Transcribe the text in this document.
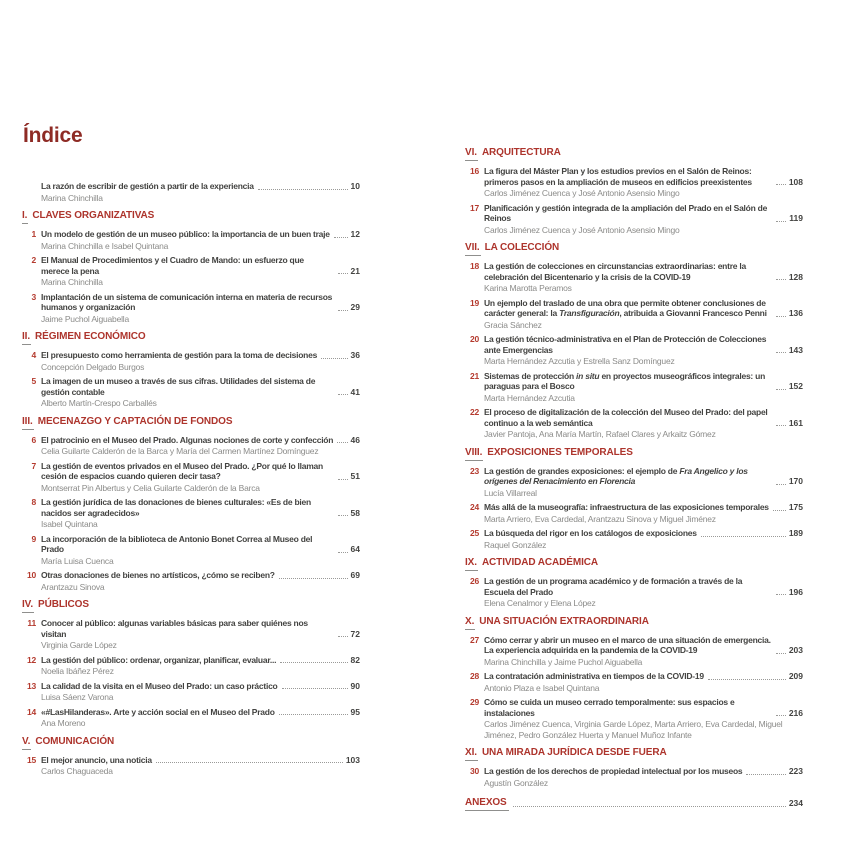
Índice
La razón de escribir de gestión a partir de la experiencia	10
Marina Chinchilla
I. CLAVES ORGANIZATIVAS
1 Un modelo de gestión de un museo público: la importancia de un buen traje 12
Marina Chinchilla e Isabel Quintana
2 El Manual de Procedimientos y el Cuadro de Mando: un esfuerzo que merece la pena	21
Marina Chinchilla
3 Implantación de un sistema de comunicación interna en materia de recursos humanos y organización	29
Jaime Puchol Aiguabella
II. RÉGIMEN ECONÓMICO
4 El presupuesto como herramienta de gestión para la toma de decisiones	36
Concepción Delgado Burgos
5 La imagen de un museo a través de sus cifras. Utilidades del sistema de gestión contable	41
Alberto Martín-Crespo Carballés
III. MECENAZGO Y CAPTACIÓN DE FONDOS
6 El patrocinio en el Museo del Prado. Algunas nociones de corte y confección 46
Celia Guilarte Calderón de la Barca y María del Carmen Martínez Domínguez
7 La gestión de eventos privados en el Museo del Prado. ¿Por qué lo llaman cesión de espacios cuando quieren decir tasa?	51
Montserrat Pin Albertus y Celia Guilarte Calderón de la Barca
8 La gestión jurídica de las donaciones de bienes culturales: «Es de bien nacidos ser agradecidos»	58
Isabel Quintana
9 La incorporación de la biblioteca de Antonio Bonet Correa al Museo del Prado	64
María Luisa Cuenca
10 Otras donaciones de bienes no artísticos, ¿cómo se reciben?	69
Arantzazu Sinova
IV. PÚBLICOS
11 Conocer al público: algunas variables básicas para saber quiénes nos visitan	72
Virginia Garde López
12 La gestión del público: ordenar, organizar, planificar, evaluar...	82
Noelia Ibáñez Pérez
13 La calidad de la visita en el Museo del Prado: un caso práctico	90
Luisa Sáenz Varona
14 «#LasHilanderas». Arte y acción social en el Museo del Prado	95
Ana Moreno
V. COMUNICACIÓN
15 El mejor anuncio, una noticia	103
Carlos Chaguaceda
VI. ARQUITECTURA
16 La figura del Máster Plan y los estudios previos en el Salón de Reinos: primeros pasos en la ampliación de museos en edificios preexistentes	108
Carlos Jiménez Cuenca y José Antonio Asensio Mingo
17 Planificación y gestión integrada de la ampliación del Prado en el Salón de Reinos	119
Carlos Jiménez Cuenca y José Antonio Asensio Mingo
VII. LA COLECCIÓN
18 La gestión de colecciones en circunstancias extraordinarias: entre la celebración del Bicentenario y la crisis de la COVID-19	128
Karina Marotta Peramos
19 Un ejemplo del traslado de una obra que permite obtener conclusiones de carácter general: la Transfiguración, atribuida a Giovanni Francesco Penni	136
Gracia Sánchez
20 La gestión técnico-administrativa en el Plan de Protección de Colecciones ante Emergencias	143
Marta Hernández Azcutia y Estrella Sanz Domínguez
21 Sistemas de protección in situ en proyectos museográficos integrales: un paraguas para el Bosco	152
Marta Hernández Azcutia
22 El proceso de digitalización de la colección del Museo del Prado: del papel continuo a la web semántica	161
Javier Pantoja, Ana María Martín, Rafael Clares y Arkaitz Gómez
VIII. EXPOSICIONES TEMPORALES
23 La gestión de grandes exposiciones: el ejemplo de Fra Angelico y los orígenes del Renacimiento en Florencia	170
Lucía Villarreal
24 Más allá de la museografía: infraestructura de las exposiciones temporales 175
Marta Arriero, Eva Cardedal, Arantzazu Sinova y Miguel Jiménez
25 La búsqueda del rigor en los catálogos de exposiciones	189
Raquel González
IX. ACTIVIDAD ACADÉMICA
26 La gestión de un programa académico y de formación a través de la Escuela del Prado	196
Elena Cenalmor y Elena López
X. UNA SITUACIÓN EXTRAORDINARIA
27 Cómo cerrar y abrir un museo en el marco de una situación de emergencia. La experiencia adquirida en la pandemia de la COVID-19	203
Marina Chinchilla y Jaime Puchol Aiguabella
28 La contratación administrativa en tiempos de la COVID-19	209
Antonio Plaza e Isabel Quintana
29 Cómo se cuida un museo cerrado temporalmente: sus espacios e instalaciones	216
Carlos Jiménez Cuenca, Virginia Garde López, Marta Arriero, Eva Cardedal, Miguel Jiménez, Pedro González Huerta y Manuel Muñoz Infante
XI. UNA MIRADA JURÍDICA DESDE FUERA
30 La gestión de los derechos de propiedad intelectual por los museos	223
Agustín González
ANEXOS	234
